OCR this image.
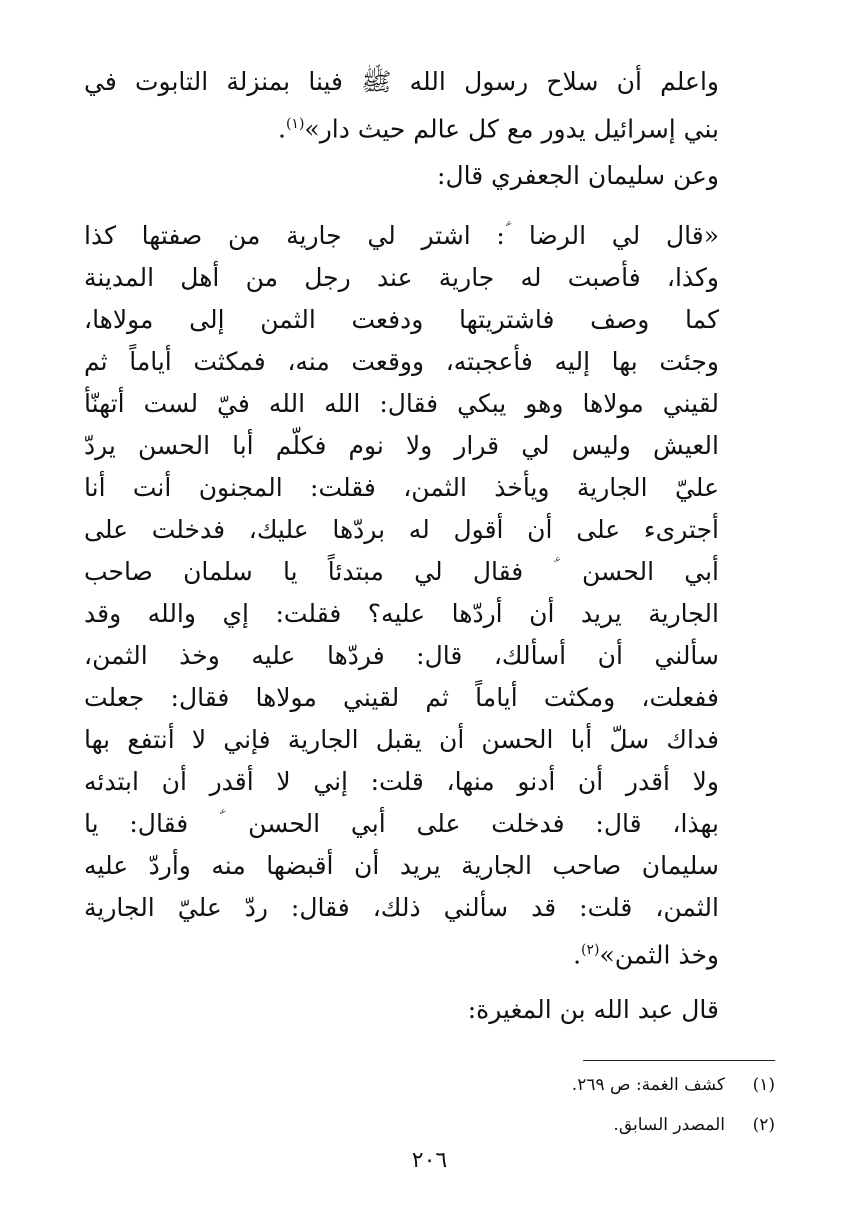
واعلم أن سلاح رسول الله ﷺ فينا بمنزلة التابوت في
بني إسرائيل يدور مع كل عالم حيث دار»$^{(١)}$.
وعن سليمان الجعفري قال:
«قال لي الرضا ؑ: اشتر لي جارية من صفتها كذا
وكذا، فأصبت له جارية عند رجل من أهل المدينة
كما وصف فاشتريتها ودفعت الثمن إلى مولاها،
وجئت بها إليه فأعجبته، ووقعت منه، فمكثت أياماً ثم
لقيني مولاها وهو يبكي فقال: الله الله فيّ لست أتهنّأ
العيش وليس لي قرار ولا نوم فكلّم أبا الحسن يردّ
عليّ الجارية ويأخذ الثمن، فقلت: المجنون أنت أنا
أجترىء على أن أقول له بردّها عليك، فدخلت على
أبي الحسن ؑ فقال لي مبتدئاً يا سلمان صاحب
الجارية يريد أن أردّها عليه؟ فقلت: إي والله وقد
سألني أن أسألك، قال: فردّها عليه وخذ الثمن،
ففعلت، ومكثت أياماً ثم لقيني مولاها فقال: جعلت
فداك سلّ أبا الحسن أن يقبل الجارية فإني لا أنتفع بها
ولا أقدر أن أدنو منها، قلت: إني لا أقدر أن ابتدئه
بهذا، قال: فدخلت على أبي الحسن ؑ فقال: يا
سليمان صاحب الجارية يريد أن أقبضها منه وأردّ عليه
الثمن، قلت: قد سألني ذلك، فقال: ردّ عليّ الجارية
وخذ الثمن»$^{(٢)}$.
قال عبد الله بن المغيرة:
(١)كشف الغمة: ص ٢٦٩.
(٢)المصدر السابق.
٢٠٦
